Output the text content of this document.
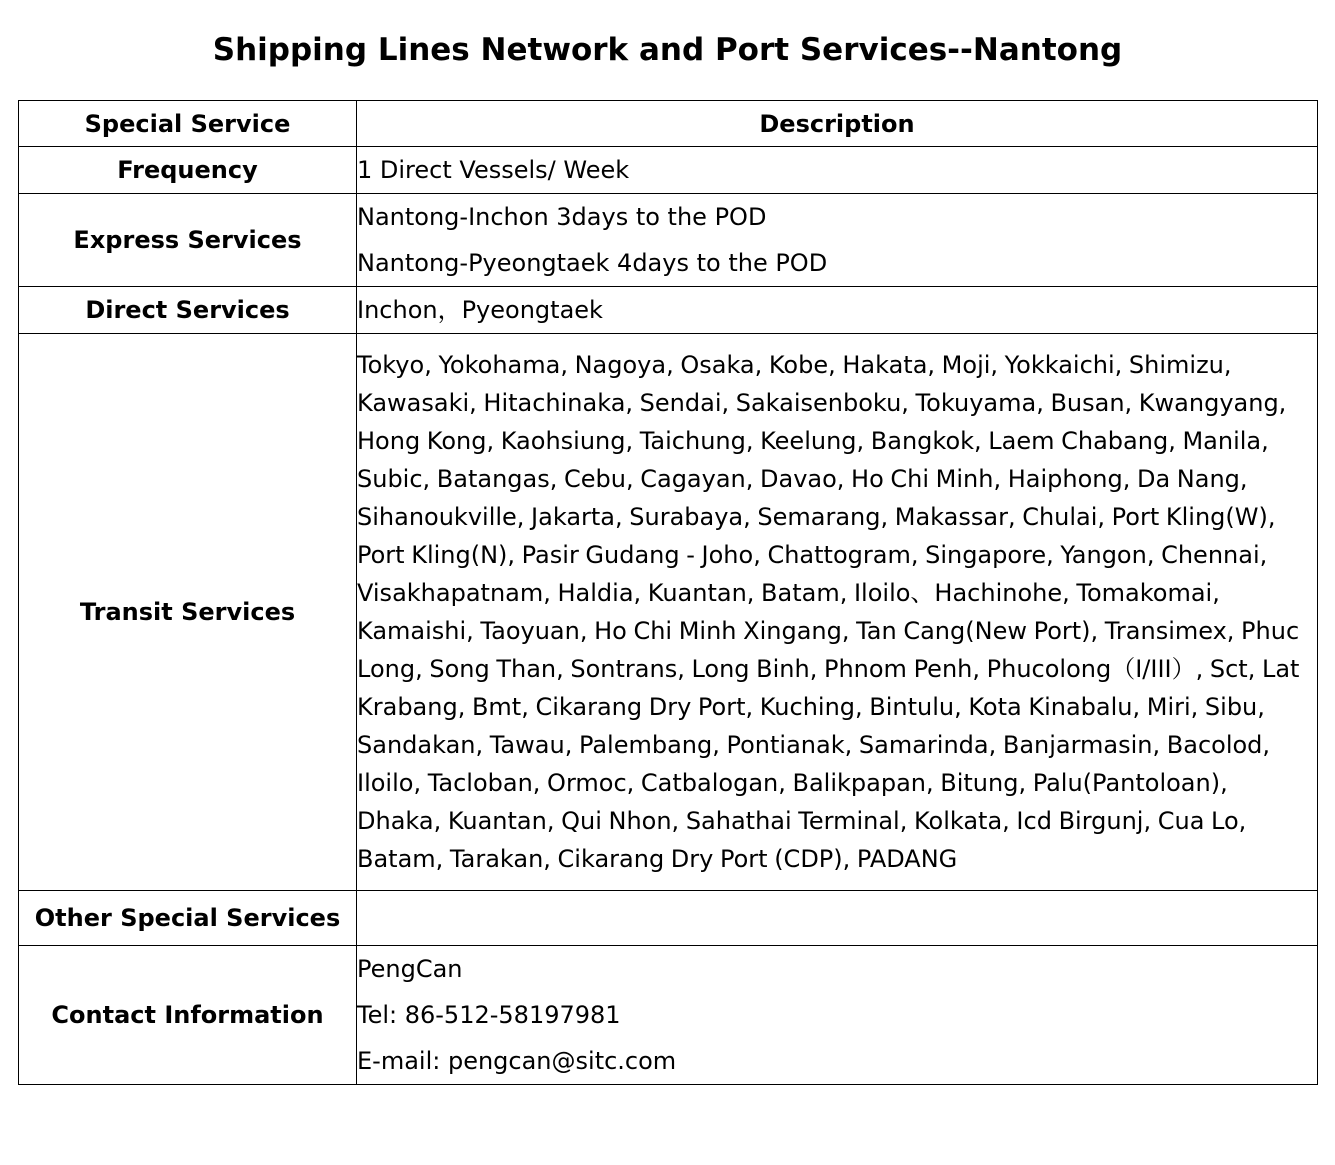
Shipping Lines Network and Port Services--Nantong
Special Service	Description
Frequency	1 Direct Vessels/ Week

Express Services	Nantong-Inchon 3days to the POD
Nantong-Pyeongtaek 4days to the POD

Direct Services	Inchon，Pyeongtaek

Transit Services	Tokyo, Yokohama, Nagoya, Osaka, Kobe, Hakata, Moji, Yokkaichi, Shimizu, Kawasaki, Hitachinaka, Sendai, Sakaisenboku, Tokuyama, Busan, Kwangyang, Hong Kong, Kaohsiung, Taichung, Keelung, Bangkok, Laem Chabang, Manila, Subic, Batangas, Cebu, Cagayan, Davao, Ho Chi Minh, Haiphong, Da Nang, Sihanoukville, Jakarta, Surabaya, Semarang, Makassar, Chulai, Port Kling(W), Port Kling(N), Pasir Gudang - Joho, Chattogram, Singapore, Yangon, Chennai, Visakhapatnam, Haldia, Kuantan, Batam, Iloilo、Hachinohe, Tomakomai, Kamaishi, Taoyuan, Ho Chi Minh Xingang, Tan Cang(New Port), Transimex, Phuc Long, Song Than, Sontrans, Long Binh, Phnom Penh, Phucolong（I/III）, Sct, Lat Krabang, Bmt, Cikarang Dry Port, Kuching, Bintulu, Kota Kinabalu, Miri, Sibu, Sandakan, Tawau, Palembang, Pontianak, Samarinda, Banjarmasin, Bacolod, Iloilo, Tacloban, Ormoc, Catbalogan, Balikpapan, Bitung, Palu(Pantoloan), Dhaka, Kuantan, Qui Nhon, Sahathai Terminal, Kolkata, Icd Birgunj, Cua Lo, Batam, Tarakan, Cikarang Dry Port (CDP), PADANG

Other Special Services	
Contact Information	PengCan
Tel: 86-512-58197981
E-mail: pengcan@sitc.com
